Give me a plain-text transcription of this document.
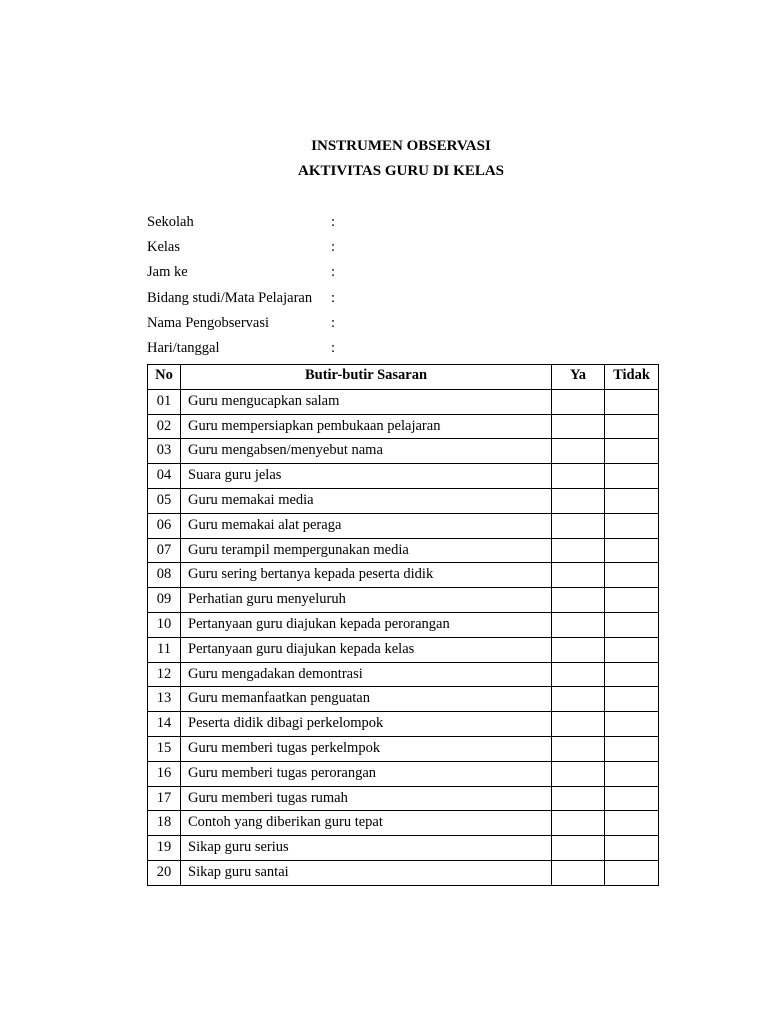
INSTRUMEN OBSERVASI
AKTIVITAS GURU DI KELAS
Sekolah	:
Kelas	:
Jam ke	:
Bidang studi/Mata Pelajaran :
Nama Pengobservasi	:
Hari/tanggal	:
No	Butir-butir Sasaran	Ya	Tidak
01	Guru mengucapkan salam		
02	Guru mempersiapkan pembukaan pelajaran		
03	Guru mengabsen/menyebut nama		
04	Suara guru jelas		
05	Guru memakai media		
06	Guru memakai alat peraga		
07	Guru terampil mempergunakan media		
08	Guru sering bertanya kepada peserta didik		
09	Perhatian guru menyeluruh		
10	Pertanyaan guru diajukan kepada perorangan		
11	Pertanyaan guru diajukan kepada kelas		
12	Guru mengadakan demontrasi		
13	Guru memanfaatkan penguatan		
14	Peserta didik dibagi perkelompok		
15	Guru memberi tugas perkelmpok		
16	Guru memberi tugas perorangan		
17	Guru memberi tugas rumah		
18	Contoh yang diberikan guru tepat		
19	Sikap guru serius		
20	Sikap guru santai		
